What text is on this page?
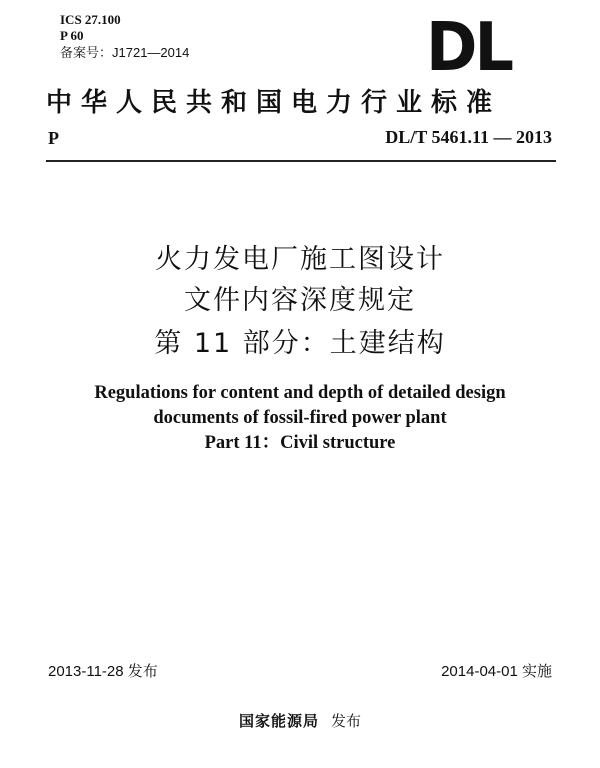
ICS 27.100
P 60
备案号：J1721—2014	DL
中华人民共和国电力行业标准
P	DL/T 5461.11 — 2013
火力发电厂施工图设计
文件内容深度规定
第 11 部分：土建结构
Regulations for content and depth of detailed design
documents of fossil-fired power plant
Part 11：Civil structure
2013-11-28 发布	2014-04-01 实施
国家能源局 发布
